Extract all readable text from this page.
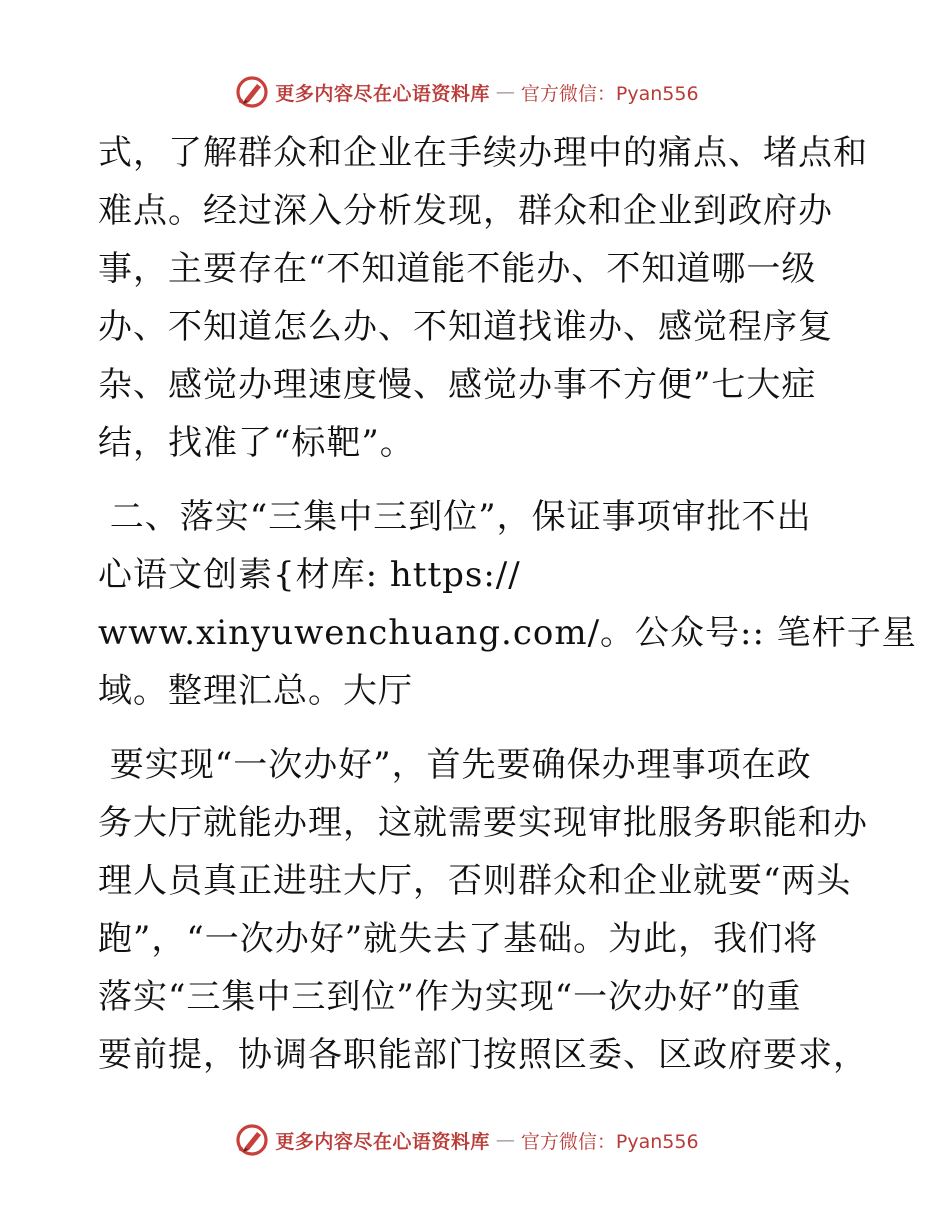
更多内容尽在心语资料库 — 官方微信：Pyan556
式，了解群众和企业在手续办理中的痛点、堵点和
难点。经过深入分析发现，群众和企业到政府办
事，主要存在“不知道能不能办、不知道哪一级
办、不知道怎么办、不知道找谁办、感觉程序复
杂、感觉办理速度慢、感觉办事不方便”七大症
结，找准了“标靶”。
二、落实“三集中三到位”，保证事项审批不出
心语文创素{材库: https://
www.xinyuwenchuang.com/。公众号:: 笔杆子星
域。整理汇总。大厅
要实现“一次办好”，首先要确保办理事项在政
务大厅就能办理，这就需要实现审批服务职能和办
理人员真正进驻大厅，否则群众和企业就要“两头
跑”，“一次办好”就失去了基础。为此，我们将
落实“三集中三到位”作为实现“一次办好”的重
要前提，协调各职能部门按照区委、区政府要求，
更多内容尽在心语资料库 — 官方微信：Pyan556
